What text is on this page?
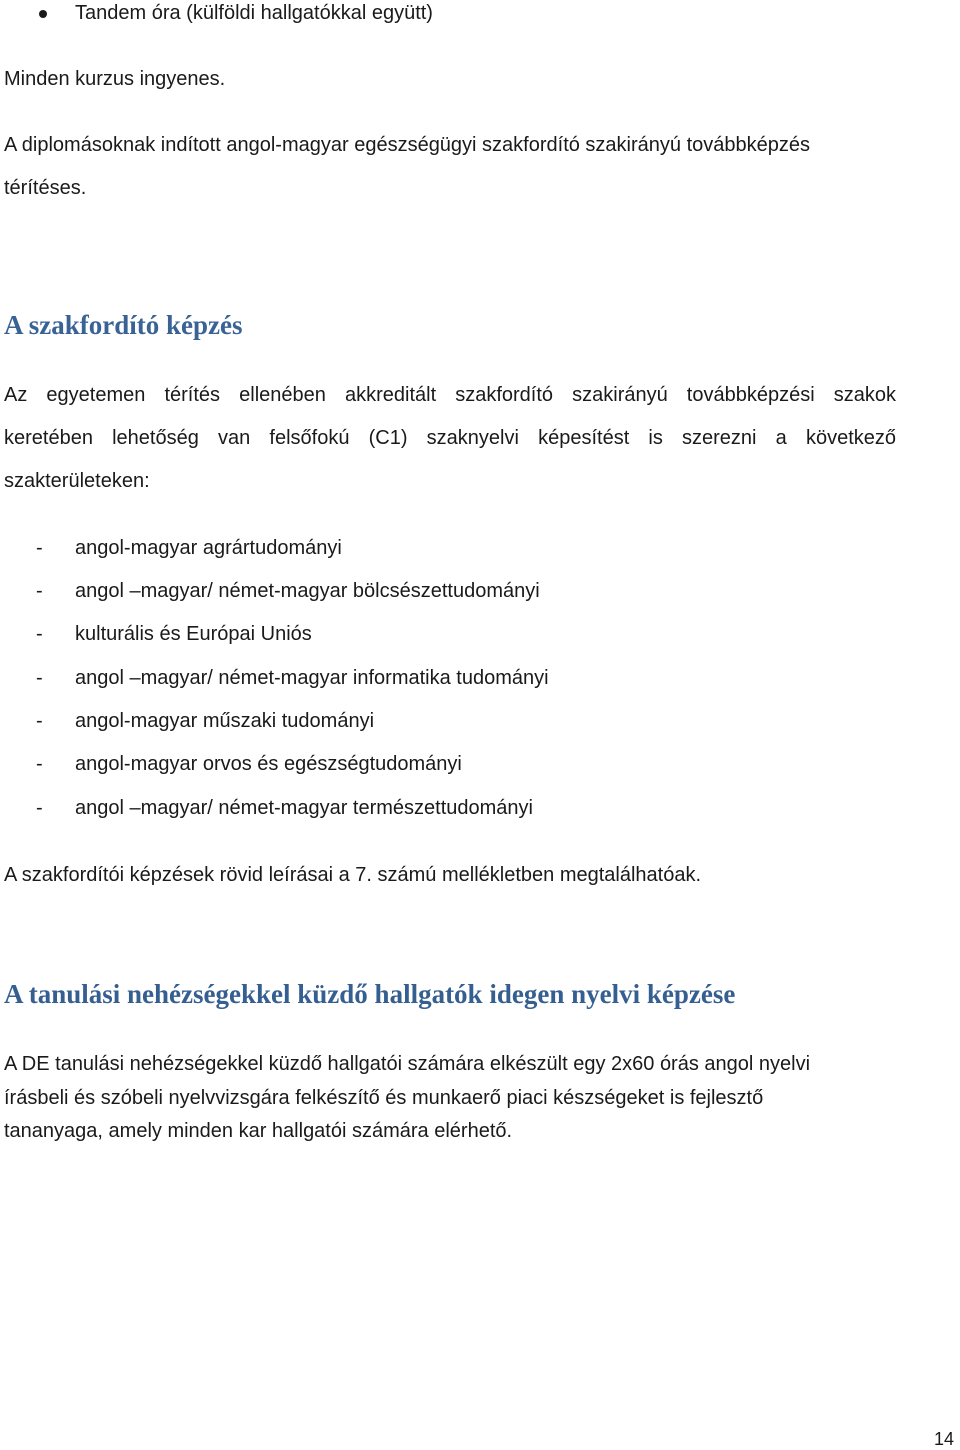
Tandem óra (külföldi hallgatókkal együtt)

Minden kurzus ingyenes.

A diplomásoknak indított angol-magyar egészségügyi szakfordító szakirányú továbbképzés

térítéses.

A szakfordító képzés

Az egyetemen térítés ellenében akkreditált szakfordító szakirányú továbbképzési szakok

keretében lehetőség van felsőfokú (C1) szaknyelvi képesítést is szerezni a következő

szakterületeken:

- angol-magyar agrártudományi
- angol –magyar/ német-magyar bölcsészettudományi
- kulturális és Európai Uniós
- angol –magyar/ német-magyar informatika tudományi
- angol-magyar műszaki tudományi
- angol-magyar orvos és egészségtudományi
- angol –magyar/ német-magyar természettudományi

A szakfordítói képzések rövid leírásai a 7. számú mellékletben megtalálhatóak.

A tanulási nehézségekkel küzdő hallgatók idegen nyelvi képzése

A DE tanulási nehézségekkel küzdő hallgatói számára elkészült egy 2x60 órás angol nyelvi

írásbeli és szóbeli nyelvvizsgára felkészítő és munkaerő piaci készségeket is fejlesztő

tananyaga, amely minden kar hallgatói számára elérhető.

14
